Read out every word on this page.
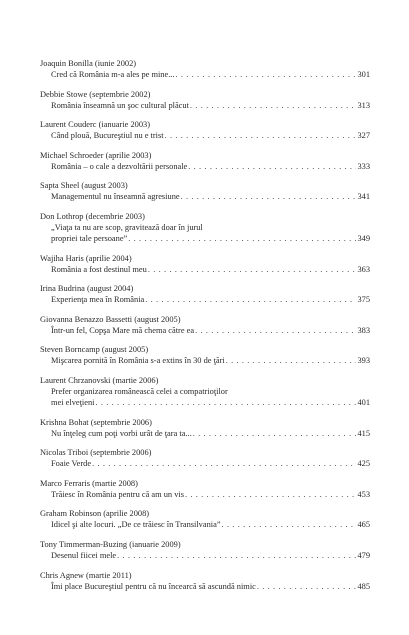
Joaquin Bonilla (iunie 2002)
Cred că România m-a ales pe mine... . . .	301
Debbie Stowe (septembrie 2002)
România înseamnă un şoc cultural plăcut . . .	313
Laurent Couderc (ianuarie 2003)
Când plouă, Bucureştiul nu e trist . . .	327
Michael Schroeder (aprilie 2003)
România – o cale a dezvoltării personale . . .	333
Sapta Sheel (august 2003)
Managementul nu înseamnă agresiune . . .	341
Don Lothrop (decembrie 2003)
„Viaţa ta nu are scop, gravitează doar în jurul
propriei tale persoane” . . .	349
Wajiha Haris (aprilie 2004)
România a fost destinul meu . . .	363
Irina Budrina (august 2004)
Experienţa mea în România . . .	375
Giovanna Benazzo Bassetti (august 2005)
Într-un fel, Copşa Mare mă chema către ea . . .	383
Steven Borncamp (august 2005)
Mişcarea pornită în România s-a extins în 30 de ţări . . .	393
Laurent Chrzanovski (martie 2006)
Prefer organizarea românească celei a compatrioţilor
mei elveţieni . . .	401
Krishna Bohat (septembrie 2006)
Nu înţeleg cum poţi vorbi urât de ţara ta... . . .	415
Nicolas Triboi (septembrie 2006)
Foaie Verde . . .	425
Marco Ferraris (martie 2008)
Trăiesc în România pentru că am un vis . . .	453
Graham Robinson (aprilie 2008)
Idicel şi alte locuri. „De ce trăiesc în Transilvania” . . .	465
Tony Timmerman-Buzing (ianuarie 2009)
Desenul fiicei mele . . .	479
Chris Agnew (martie 2011)
Îmi place Bucureştiul pentru că nu încearcă să ascundă nimic . . .	485
